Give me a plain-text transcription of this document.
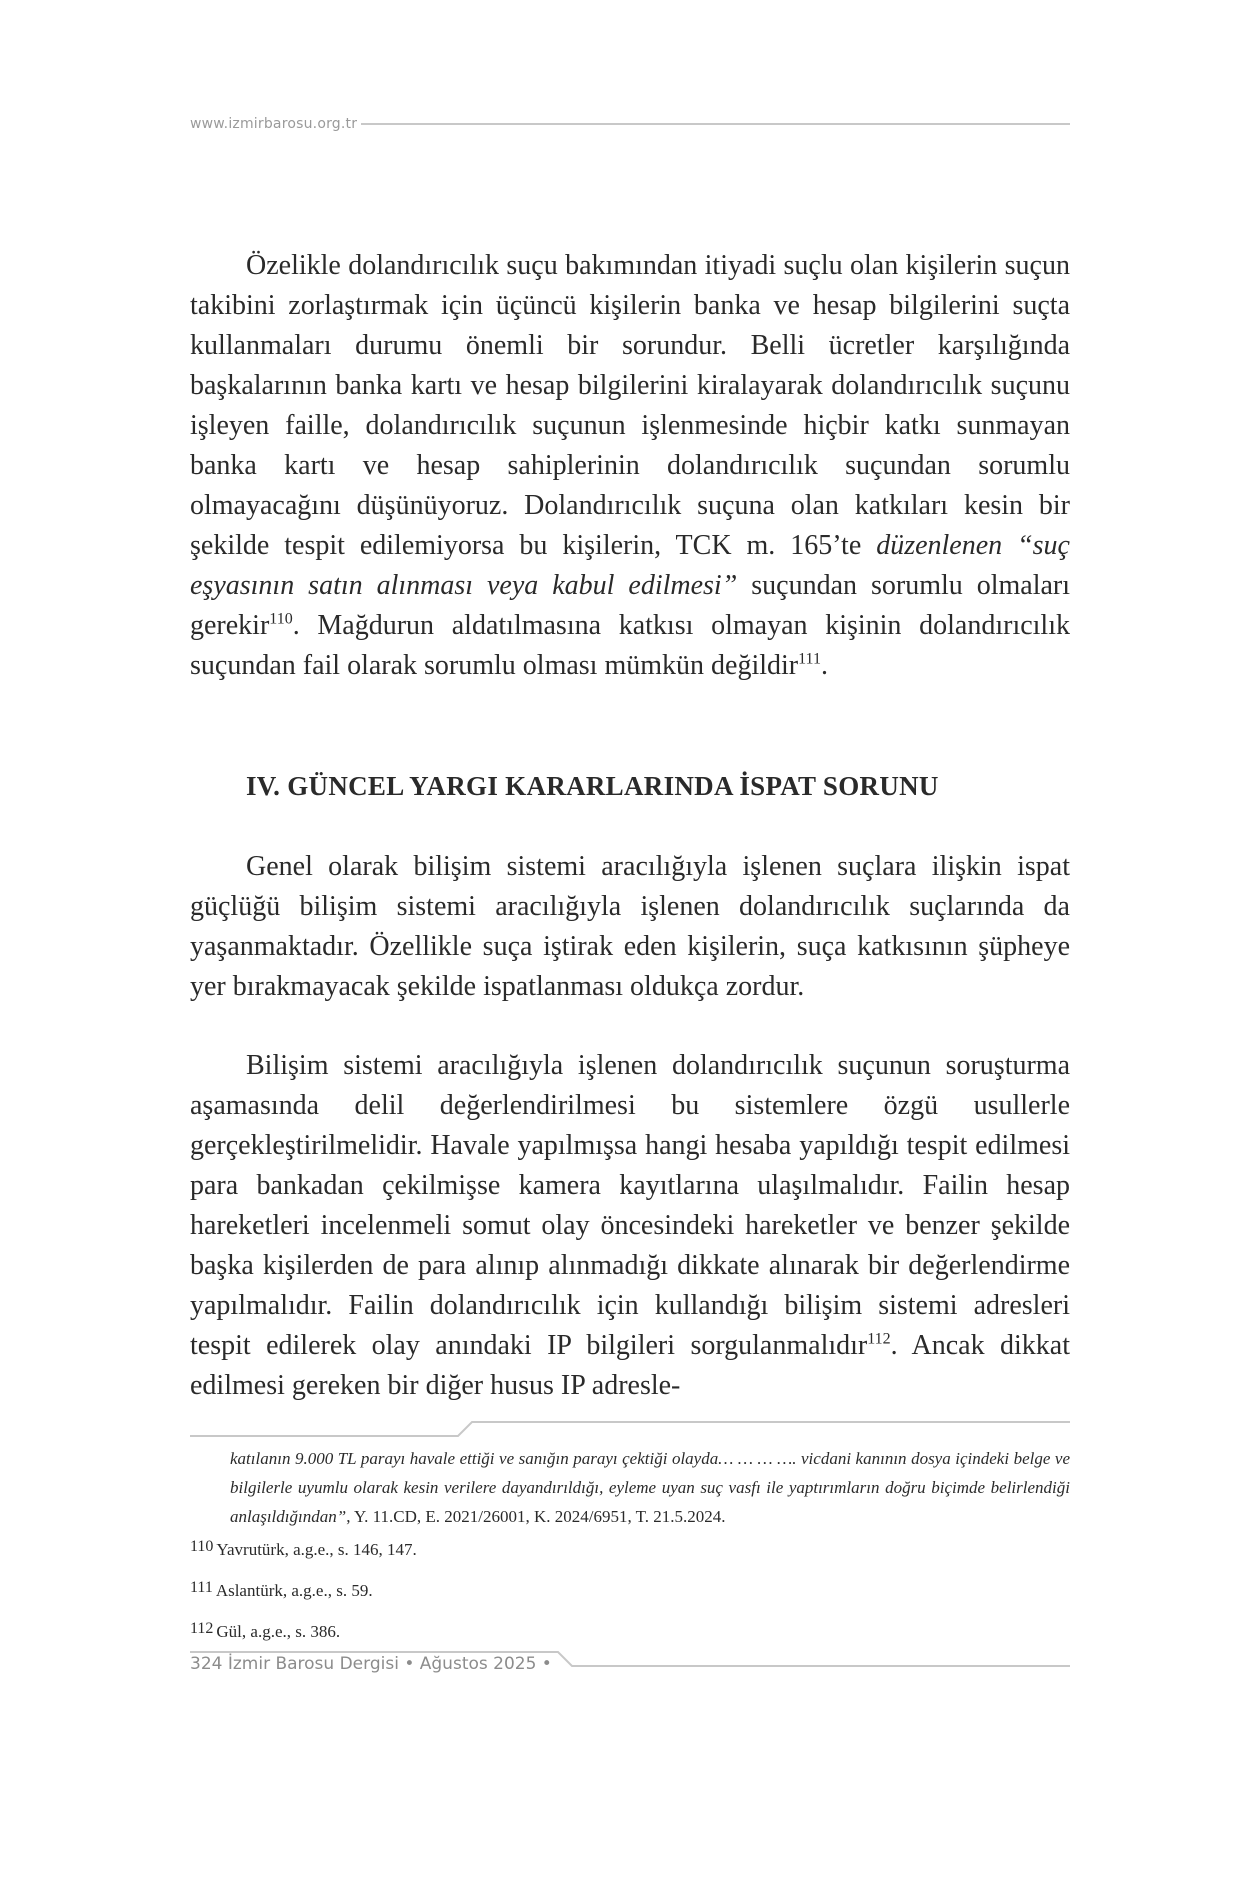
www.izmirbarosu.org.tr

Özelikle dolandırıcılık suçu bakımından itiyadi suçlu olan kişilerin suçun takibini zorlaştırmak için üçüncü kişilerin banka ve hesap bilgilerini suçta kullanmaları durumu önemli bir sorundur. Belli ücretler karşılığında başkalarının banka kartı ve hesap bilgilerini kiralayarak dolandırıcılık suçunu işleyen faille, dolandırıcılık suçunun işlenmesinde hiçbir katkı sunmayan banka kartı ve hesap sahiplerinin dolandırıcılık suçundan sorumlu olmayacağını düşünüyoruz. Dolandırıcılık suçuna olan katkıları kesin bir şekilde tespit edilemiyorsa bu kişilerin, TCK m. 165’te düzenlenen “suç eşyasının satın alınması veya kabul edilmesi” suçundan sorumlu olmaları gerekir$^{110}$. Mağdurun aldatılmasına katkısı olmayan kişinin dolandırıcılık suçundan fail olarak sorumlu olması mümkün değildir$^{111}$.

IV. GÜNCEL YARGI KARARLARINDA İSPAT SORUNU

Genel olarak bilişim sistemi aracılığıyla işlenen suçlara ilişkin ispat güçlüğü bilişim sistemi aracılığıyla işlenen dolandırıcılık suçlarında da yaşanmaktadır. Özellikle suça iştirak eden kişilerin, suça katkısının şüpheye yer bırakmayacak şekilde ispatlanması oldukça zordur.

Bilişim sistemi aracılığıyla işlenen dolandırıcılık suçunun soruşturma aşamasında delil değerlendirilmesi bu sistemlere özgü usullerle gerçekleştirilmelidir. Havale yapılmışsa hangi hesaba yapıldığı tespit edilmesi para bankadan çekilmişse kamera kayıtlarına ulaşılmalıdır. Failin hesap hareketleri incelenmeli somut olay öncesindeki hareketler ve benzer şekilde başka kişilerden de para alınıp alınmadığı dikkate alınarak bir değerlendirme yapılmalıdır. Failin dolandırıcılık için kullandığı bilişim sistemi adresleri tespit edilerek olay anındaki IP bilgileri sorgulanmalıdır$^{112}$. Ancak dikkat edilmesi gereken bir diğer husus IP adresle-

katılanın 9.000 TL parayı havale ettiği ve sanığın parayı çektiği olayda… … … …. vicdani kanının dosya içindeki belge ve bilgilerle uyumlu olarak kesin verilere dayandırıldığı, eyleme uyan suç vasfı ile yaptırımların doğru biçimde belirlendiği anlaşıldığından”, Y. 11.CD, E. 2021/26001, K. 2024/6951, T. 21.5.2024.

110 Yavrutürk, a.g.e., s. 146, 147.

111 Aslantürk, a.g.e., s. 59.

112 Gül, a.g.e., s. 386.

324 İzmir Barosu Dergisi • Ağustos 2025 •
